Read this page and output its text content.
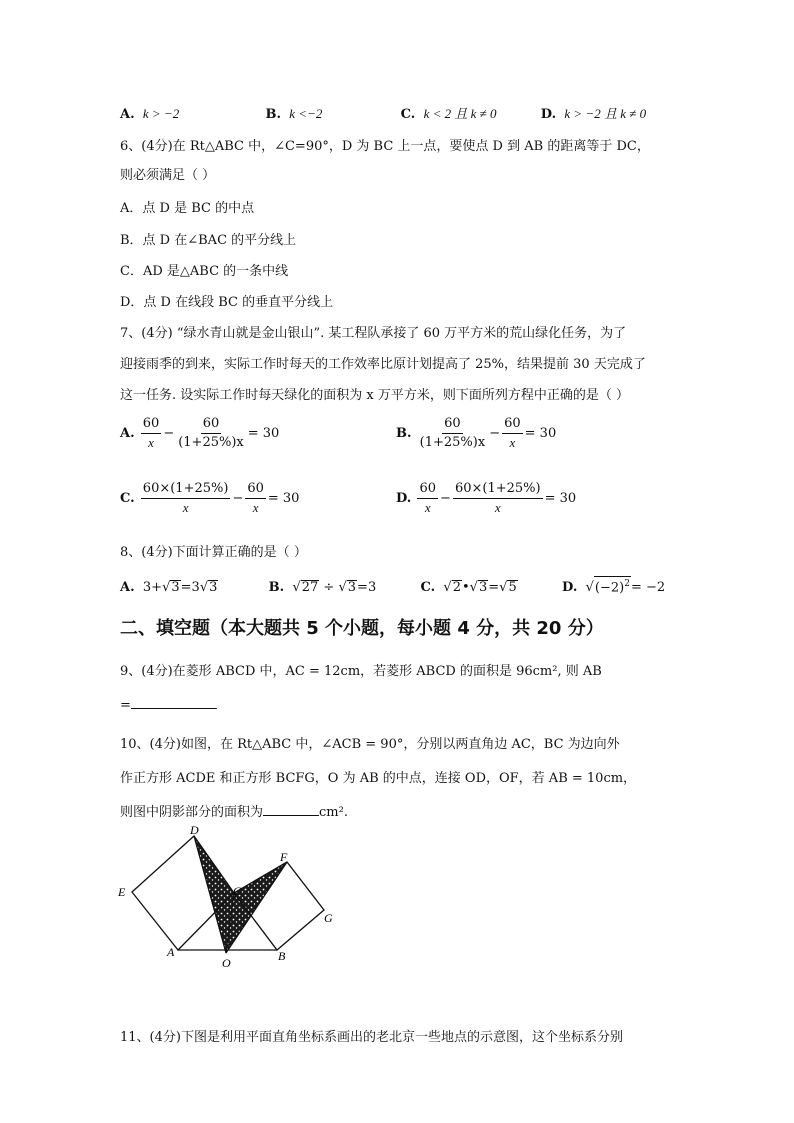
A. k > −2	B. k <−2	C. k < 2 且 k ≠ 0	D. k > −2 且 k ≠ 0
6、(4分)在 Rt△ABC 中，∠C=90°，D 为 BC 上一点，要使点 D 到 AB 的距离等于 DC，
则必须满足（ ）
A．点 D 是 BC 的中点
B．点 D 在∠BAC 的平分线上
C．AD 是△ABC 的一条中线
D．点 D 在线段 BC 的垂直平分线上
7、(4分) “绿水青山就是金山银山”. 某工程队承接了 60 万平方米的荒山绿化任务，为了
迎接雨季的到来，实际工作时每天的工作效率比原计划提高了 25%，结果提前 30 天完成了
这一任务. 设实际工作时每天绿化的面积为 x 万平方米，则下面所列方程中正确的是（ ）
A. $\frac{60}{x} - \frac{60}{(1+25\%)x} = 30$	B. $\frac{60}{(1+25\%)x} - \frac{60}{x} = 30$
C. $\frac{60\times(1+25\%)}{x} - \frac{60}{x} = 30$	D. $\frac{60}{x} - \frac{60\times(1+25\%)}{x} = 30$
8、(4分)下面计算正确的是（ ）
A. 3+√3=3√3	B. √27 ÷ √3=3	C. √2•√3=√5	D. $√(-2)^2= -2$
二、填空题（本大题共 5 个小题，每小题 4 分，共 20 分）
9、(4分)在菱形 ABCD 中，AC = 12cm，若菱形 ABCD 的面积是 96cm², 则 AB
=
10、(4分)如图，在 Rt△ABC 中，∠ACB = 90°，分别以两直角边 AC，BC 为边向外
作正方形 ACDE 和正方形 BCFG，O 为 AB 的中点，连接 OD，OF，若 AB = 10cm，
则图中阴影部分的面积为	cm².
D
E	C
F
G
A
O	B
11、(4分)下图是利用平面直角坐标系画出的老北京一些地点的示意图，这个坐标系分别
